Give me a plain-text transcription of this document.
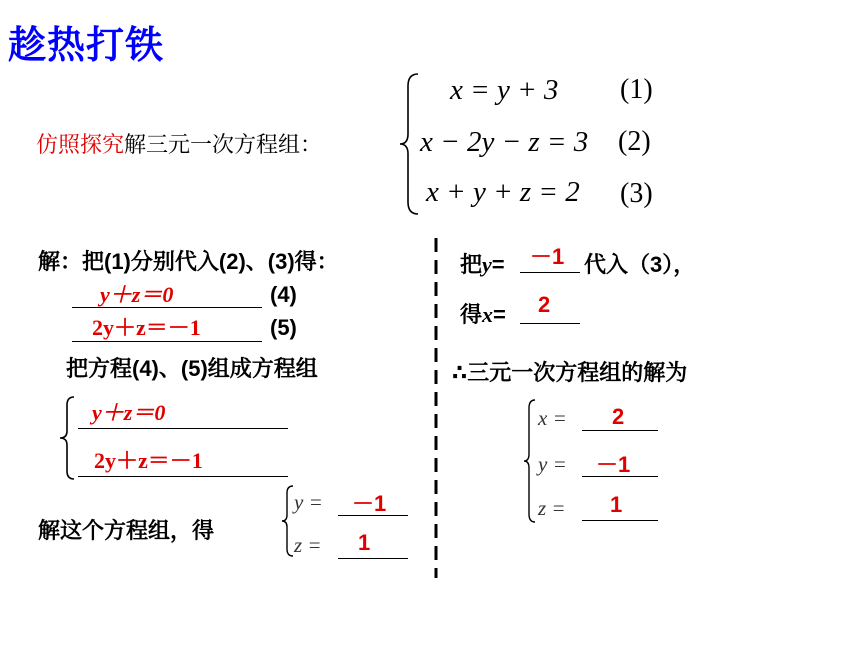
趁热打铁
仿照探究解三元一次方程组：
x = y + 3 (1)
x − 2y − z = 3 (2)
x + y + z = 2 (3)
解：把(1)分别代入(2)、(3)得：
y＋z＝0	(4)
2y＋z＝－1	(5)
把方程(4)、(5)组成方程组
y＋z＝0
2y＋z＝－1
解这个方程组，得
y = －1
z = 1
把y= －1 代入（3），
得x= 2
∴三元一次方程组的解为
x = 2
y = －1
z = 1
